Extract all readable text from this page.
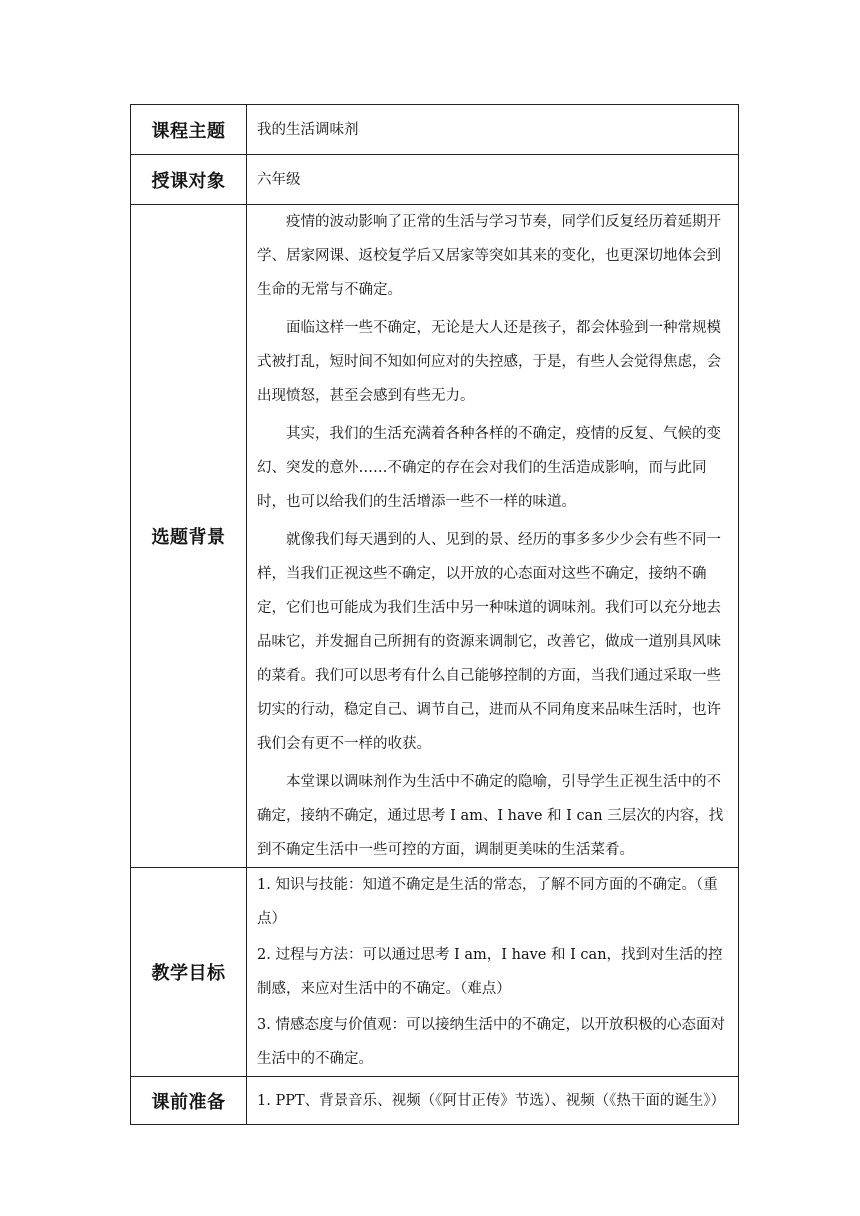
课程主题	我的生活调味剂
授课对象	六年级
选题背景	疫情的波动影响了正常的生活与学习节奏，同学们反复经历着延期开学、居家网课、返校复学后又居家等突如其来的变化，也更深切地体会到生命的无常与不确定。

面临这样一些不确定，无论是大人还是孩子，都会体验到一种常规模式被打乱，短时间不知如何应对的失控感，于是，有些人会觉得焦虑，会出现愤怒，甚至会感到有些无力。

其实，我们的生活充满着各种各样的不确定，疫情的反复、气候的变幻、突发的意外……不确定的存在会对我们的生活造成影响，而与此同时，也可以给我们的生活增添一些不一样的味道。

就像我们每天遇到的人、见到的景、经历的事多多少少会有些不同一样，当我们正视这些不确定，以开放的心态面对这些不确定，接纳不确定，它们也可能成为我们生活中另一种味道的调味剂。我们可以充分地去品味它，并发掘自己所拥有的资源来调制它，改善它，做成一道别具风味的菜肴。我们可以思考有什么自己能够控制的方面，当我们通过采取一些切实的行动，稳定自己、调节自己，进而从不同角度来品味生活时，也许我们会有更不一样的收获。

本堂课以调味剂作为生活中不确定的隐喻，引导学生正视生活中的不确定，接纳不确定，通过思考 I am、I have 和 I can 三层次的内容，找到不确定生活中一些可控的方面，调制更美味的生活菜肴。

教学目标	1. 知识与技能：知道不确定是生活的常态，了解不同方面的不确定。（重点）

2. 过程与方法：可以通过思考 I am，I have 和 I can，找到对生活的控制感，来应对生活中的不确定。（难点）

3. 情感态度与价值观：可以接纳生活中的不确定，以开放积极的心态面对生活中的不确定。

课前准备	1. PPT、背景音乐、视频（《阿甘正传》节选）、视频（《热干面的诞生》）
